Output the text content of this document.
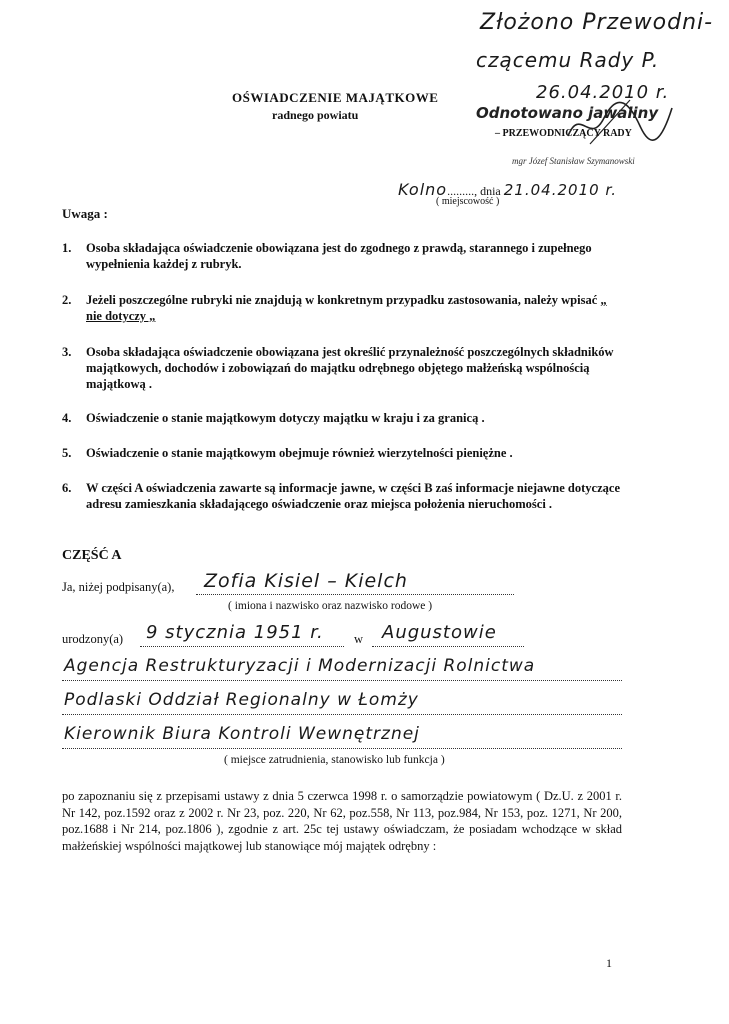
Złożono Przewodni-
czącemu Rady P.
26.04.2010 r.
Odnotowano jawaliny
– PRZEWODNICZĄCY RADY
mgr Józef Stanisław Szymanowski
OŚWIADCZENIE MAJĄTKOWE
radnego powiatu
Kolno........., dnia 21.04.2010 r.
( miejscowość )
Uwaga :
1. Osoba składająca oświadczenie obowiązana jest do zgodnego z prawdą, starannego i zupełnego wypełnienia każdej z rubryk.
2. Jeżeli poszczególne rubryki nie znajdują w konkretnym przypadku zastosowania, należy wpisać „ nie dotyczy „
3. Osoba składająca oświadczenie obowiązana jest określić przynależność poszczególnych składników majątkowych, dochodów i zobowiązań do majątku odrębnego objętego małżeńską wspólnością majątkową .
4. Oświadczenie o stanie majątkowym dotyczy majątku w kraju i za granicą .
5. Oświadczenie o stanie majątkowym obejmuje również wierzytelności pieniężne .
6. W części A oświadczenia zawarte są informacje jawne, w części B zaś informacje niejawne dotyczące adresu zamieszkania składającego oświadczenie oraz miejsca położenia nieruchomości .
CZĘŚĆ A
Ja, niżej podpisany(a), Zofia Kisiel – Kielch
( imiona i nazwisko oraz nazwisko rodowe )
urodzony(a) 9 stycznia 1951 r. w Augustowie
Agencja Restrukturyzacji i Modernizacji Rolnictwa
Podlaski Oddział Regionalny w Łomży
Kierownik Biura Kontroli Wewnętrznej
( miejsce zatrudnienia, stanowisko lub funkcja )
po zapoznaniu się z przepisami ustawy z dnia 5 czerwca 1998 r. o samorządzie powiatowym ( Dz.U. z 2001 r. Nr 142, poz.1592 oraz z 2002 r. Nr 23, poz. 220, Nr 62, poz.558, Nr 113, poz.984, Nr 153, poz. 1271, Nr 200, poz.1688 i Nr 214, poz.1806 ), zgodnie z art. 25c tej ustawy oświadczam, że posiadam wchodzące w skład małżeńskiej wspólności majątkowej lub stanowiące mój majątek odrębny :
1
